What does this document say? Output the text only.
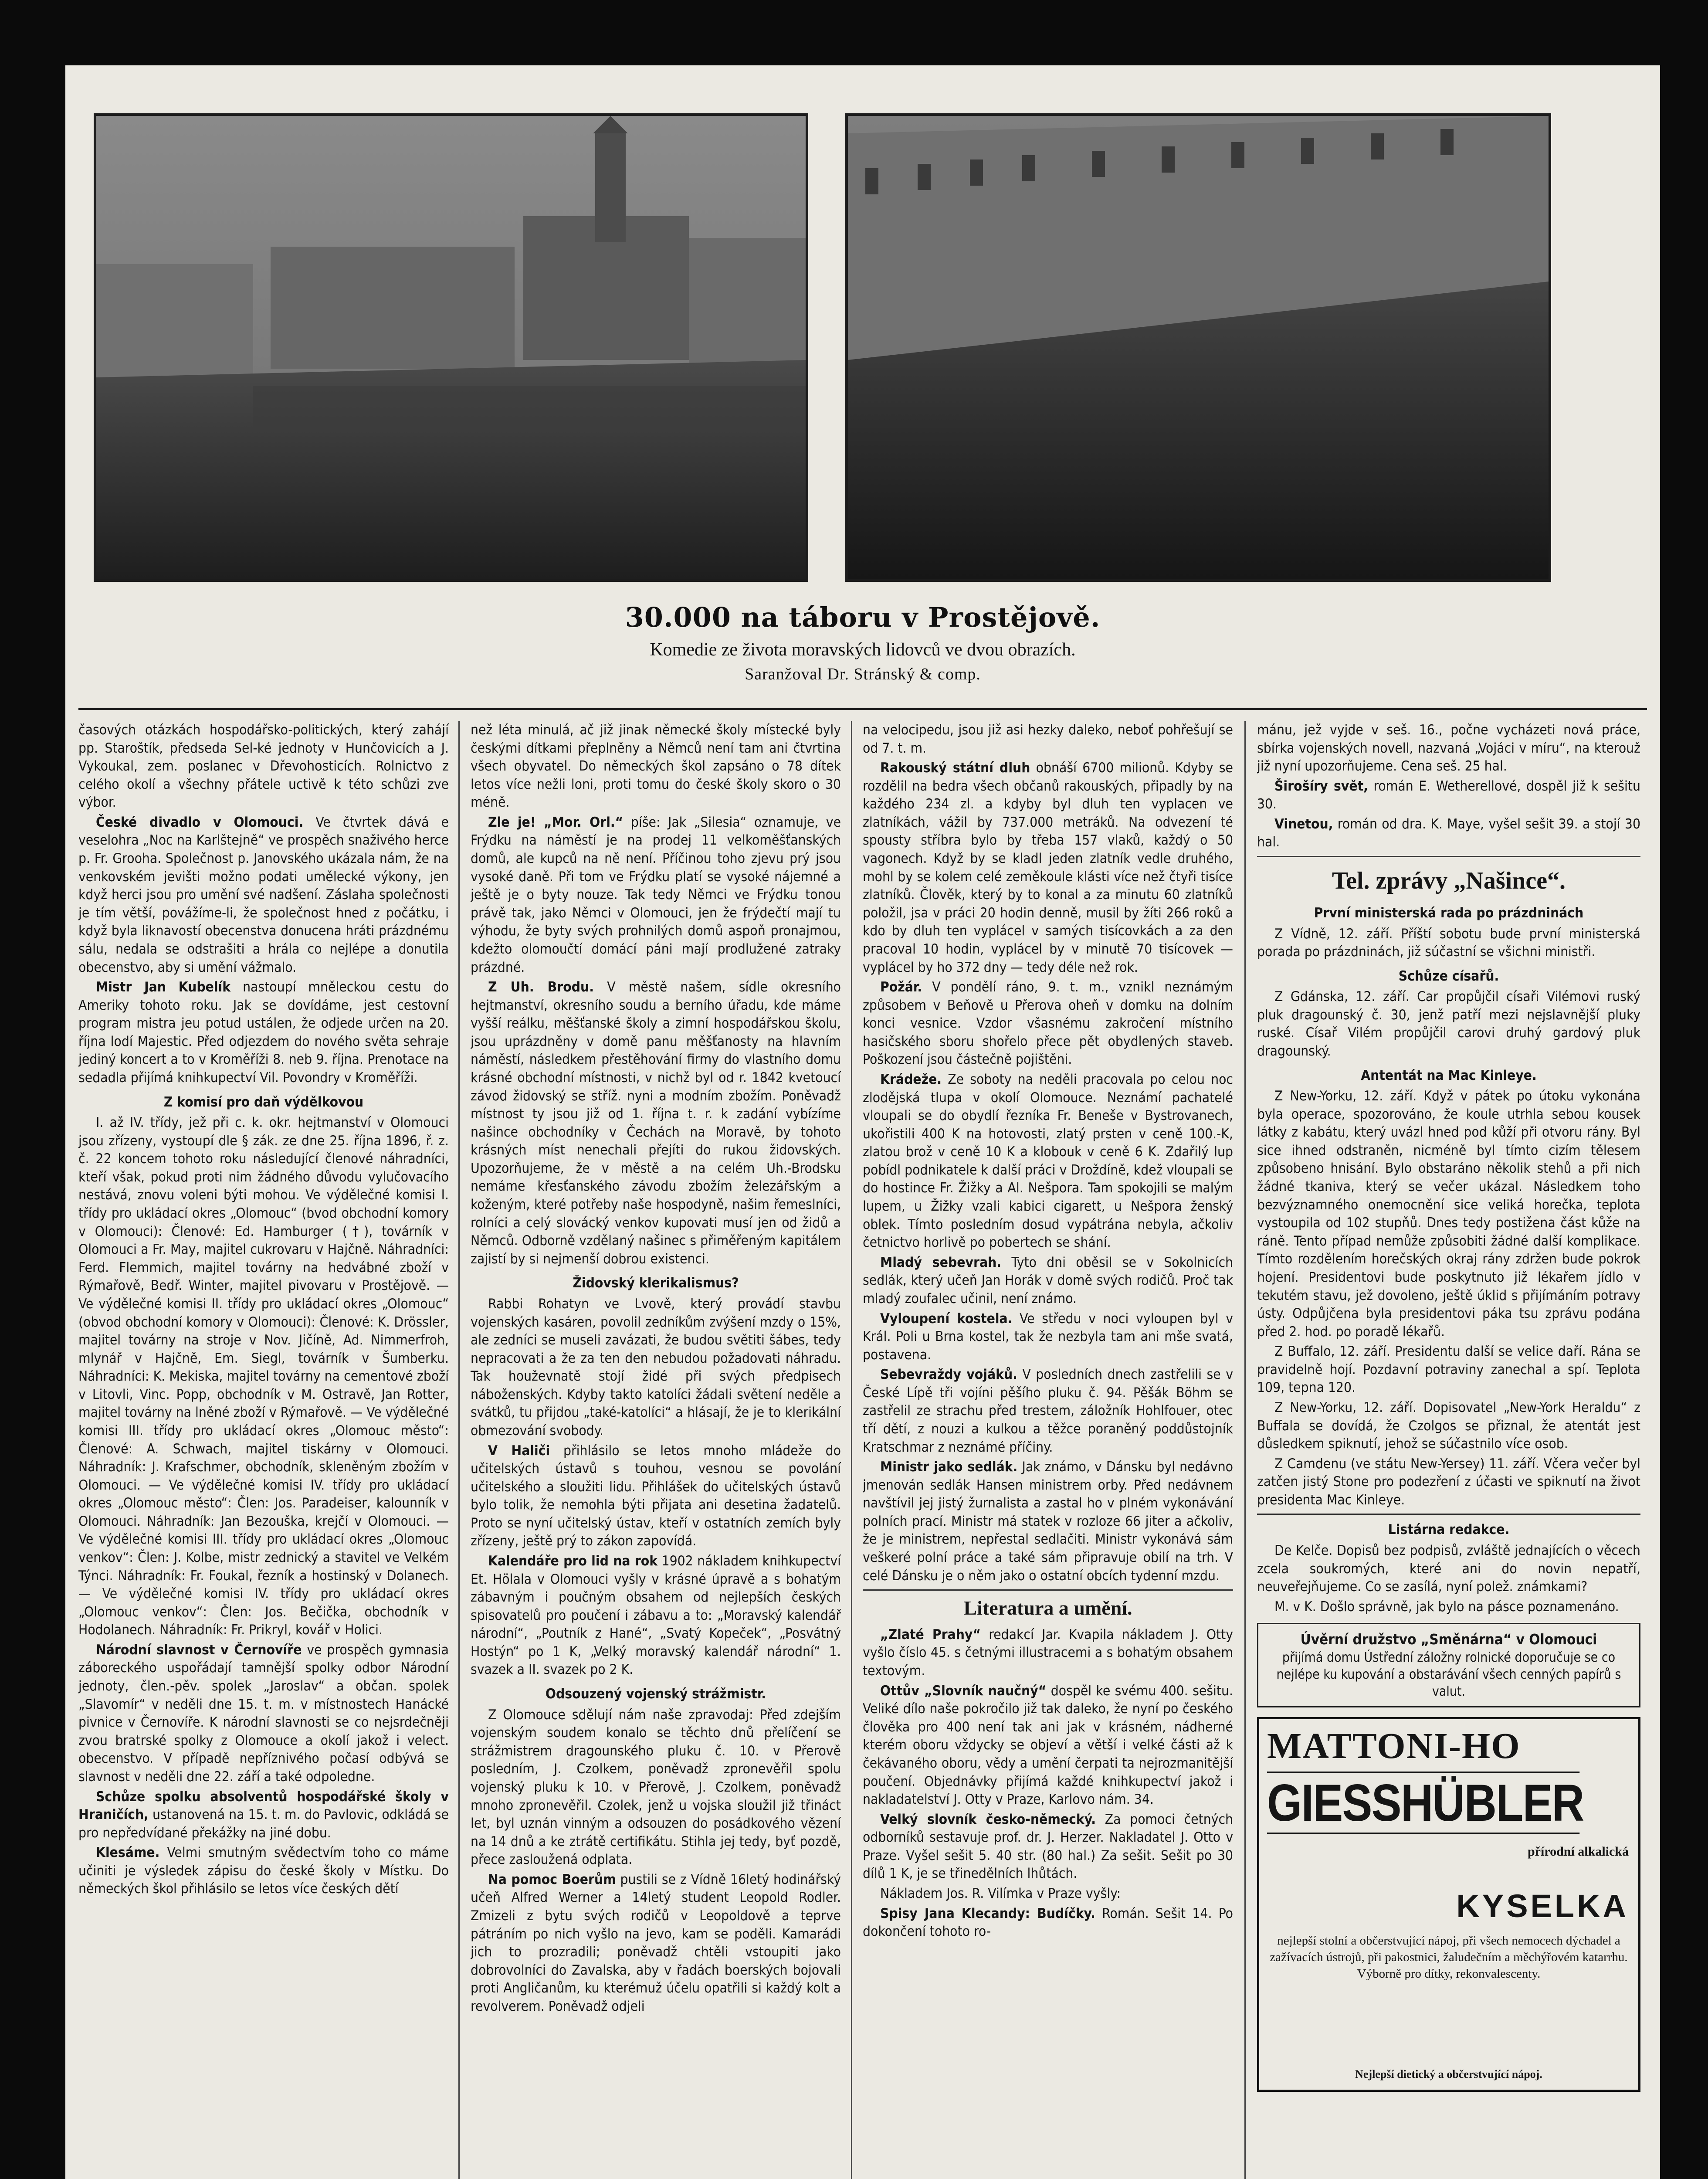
30.000 na táboru v Prostějově.
Komedie ze života moravských lidovců ve dvou obrazích.
Saranžoval Dr. Stránský & comp.

časových otázkách hospodářsko-politických, který zahájí pp. Staroštík, předseda Sel-ké jednoty v Hunčovicích a J. Vykoukal, zem. poslanec v Dřevohosticích. Rolnictvo z celého okolí a všechny přátele uctivě k této schůzi zve výbor.

České divadlo v Olomouci. Ve čtvrtek dává e veselohra „Noc na Karlštejně“ ve prospěch snaživého herce p. Fr. Grooha. Společnost p. Janovského ukázala nám, že na venkovském jevišti možno podati umělecké výkony, jen když herci jsou pro umění své nadšení. Záslaha společnosti je tím větší, povážíme-li, že společnost hned z počátku, i když byla liknavostí obecenstva donucena hráti prázdnému sálu, nedala se odstrašiti a hrála co nejlépe a donutila obecenstvo, aby si umění vážmalo.

Mistr Jan Kubelík nastoupí mněleckou cestu do Ameriky tohoto roku. Jak se dovídáme, jest cestovní program mistra jeu potud ustálen, že odjede určen na 20. října lodí Majestic. Před odjezdem do nového světa sehraje jediný koncert a to v Kroměříži 8. neb 9. října. Prenotace na sedadla přijímá knihkupectví Vil. Povondry v Kroměříži.

Z komisí pro daň výdělkovou

I. až IV. třídy, jež při c. k. okr. hejtmanství v Olomouci jsou zřízeny, vystoupí dle § zák. ze dne 25. října 1896, ř. z. č. 22 koncem tohoto roku následující členové náhradníci, kteří však, pokud proti nim žádného důvodu vylučovacího nestává, znovu voleni býti mohou. Ve výdělečné komisi I. třídy pro ukládací okres „Olomouc“ (bvod obchodní komory v Olomouci): Členové: Ed. Hamburger (†), továrník v Olomouci a Fr. May, majitel cukrovaru v Hajčně. Náhradníci: Ferd. Flemmich, majitel továrny na hedvábné zboží v Rýmařově, Bedř. Winter, majitel pivovaru v Prostějově. — Ve výdělečné komisi II. třídy pro ukládací okres „Olomouc“ (obvod obchodní komory v Olomouci): Členové: K. Drössler, majitel továrny na stroje v Nov. Jičíně, Ad. Nimmerfroh, mlynář v Hajčně, Em. Siegl, továrník v Šumberku. Náhradníci: K. Mekiska, majitel továrny na cementové zboží v Litovli, Vinc. Popp, obchodník v M. Ostravě, Jan Rotter, majitel továrny na lněné zboží v Rýmařově. — Ve výdělečné komisi III. třídy pro ukládací okres „Olomouc město“: Členové: A. Schwach, majitel tiskárny v Olomouci. Náhradník: J. Krafschmer, obchodník, skleněným zbožím v Olomouci. — Ve výdělečné komisi IV. třídy pro ukládací okres „Olomouc město“: Člen: Jos. Paradeiser, kalounník v Olomouci. Náhradník: Jan Bezouška, krejčí v Olomouci. — Ve výdělečné komisi III. třídy pro ukládací okres „Olomouc venkov“: Člen: J. Kolbe, mistr zednický a stavitel ve Velkém Týnci. Náhradník: Fr. Foukal, řezník a hostinský v Dolanech. — Ve výdělečné komisi IV. třídy pro ukládací okres „Olomouc venkov“: Člen: Jos. Bečička, obchodník v Hodolanech. Náhradník: Fr. Prikryl, kovář v Holici.

Národní slavnost v Černovíře ve prospěch gymnasia záboreckého uspořádají tamnější spolky odbor Národní jednoty, člen.-pěv. spolek „Jaroslav“ a občan. spolek „Slavomír“ v neděli dne 15. t. m. v místnostech Hanácké pivnice v Černovíře. K národní slavnosti se co nejsrdečněji zvou bratrské spolky z Olomouce a okolí jakož i velect. obecenstvo. V případě nepříznivého počasí odbývá se slavnost v neděli dne 22. září a také odpoledne.

Schůze spolku absolventů hospodářské školy v Hraničích, ustanovená na 15. t. m. do Pavlovic, odkládá se pro nepředvídané překážky na jiné dobu.

Klesáme. Velmi smutným svědectvím toho co máme učiniti je výsledek zápisu do české školy v Místku. Do německých škol přihlásilo se letos více českých dětí

než léta minulá, ač již jinak německé školy místecké byly českými dítkami přeplněny a Němců není tam ani čtvrtina všech obyvatel. Do německých škol zapsáno o 78 dítek letos více nežli loni, proti tomu do české školy skoro o 30 méně.

Zle je! „Mor. Orl.“ píše: Jak „Silesia“ oznamuje, ve Frýdku na náměstí je na prodej 11 velkoměšťanských domů, ale kupců na ně není. Příčinou toho zjevu prý jsou vysoké daně. Při tom ve Frýdku platí se vysoké nájemné a ještě je o byty nouze. Tak tedy Němci ve Frýdku tonou právě tak, jako Němci v Olomouci, jen že frýdečtí mají tu výhodu, že byty svých prohnilých domů aspoň pronajmou, kdežto olomoučtí domácí páni mají prodlužené zatraky prázdné.

Z Uh. Brodu. V městě našem, sídle okresního hejtmanství, okresního soudu a berního úřadu, kde máme vyšší reálku, měšťanské školy a zimní hospodářskou školu, jsou uprázdněny v domě panu měšťanosty na hlavním náměstí, následkem přestěhování firmy do vlastního domu krásné obchodní místnosti, v nichž byl od r. 1842 kvetoucí závod židovský se stříž. nyni a modním zbožím. Poněvadž místnost ty jsou již od 1. října t. r. k zadání vybízíme našince obchodníky v Čechách na Moravě, by tohoto krásných míst nenechali přejíti do rukou židovských. Upozorňujeme, že v městě a na celém Uh.-Brodsku nemáme křesťanského závodu zbožím železářským a koženým, které potřeby naše hospodyně, našim řemeslníci, rolníci a celý slovácký venkov kupovati musí jen od židů a Němců. Odborně vzdělaný našinec s přiměřeným kapitálem zajistí by si nejmenší dobrou existenci.

Židovský klerikalismus?

Rabbi Rohatyn ve Lvově, který provádí stavbu vojenských kasáren, povolil zedníkům zvýšení mzdy o 15%, ale zedníci se museli zavázati, že budou světiti šábes, tedy nepracovati a že za ten den nebudou požadovati náhradu. Tak houževnatě stojí židé při svých předpisech náboženských. Kdyby takto katolíci žádali světení neděle a svátků, tu přijdou „také-katolíci“ a hlásají, že je to klerikální obmezování svobody.

V Haliči přihlásilo se letos mnoho mládeže do učitelských ústavů s touhou, vesnou se povolání učitelského a sloužiti lidu. Přihlášek do učitelských ústavů bylo tolik, že nemohla býti přijata ani desetina žadatelů. Proto se nyní učitelský ústav, kteří v ostatních zemích byly zřízeny, ještě prý to zákon zapovídá.

Kalendáře pro lid na rok 1902 nákladem knihkupectví Et. Hölala v Olomouci vyšly v krásné úpravě a s bohatým zábavným i poučným obsahem od nejlepších českých spisovatelů pro poučení i zábavu a to: „Moravský kalendář národní“, „Poutník z Hané“, „Svatý Kopeček“, „Posvátný Hostýn“ po 1 K, „Velký moravský kalendář národní“ 1. svazek a II. svazek po 2 K.

Odsouzený vojenský strážmistr.

Z Olomouce sdělují nám naše zpravodaj: Před zdejším vojenským soudem konalo se těchto dnů přelíčení se strážmistrem dragounského pluku č. 10. v Přerově posledním, J. Czolkem, poněvadž zpronevěřil spolu vojenský pluku k 10. v Přerově, J. Czolkem, poněvadž mnoho zpronevěřil. Czolek, jenž u vojska sloužil již třináct let, byl uznán vinným a odsouzen do posádkového vězení na 14 dnů a ke ztrátě certifikátu. Stihla jej tedy, byť pozdě, přece zasloužená odplata.

Na pomoc Boerům pustili se z Vídně 16letý hodinářský učeň Alfred Werner a 14letý student Leopold Rodler. Zmizeli z bytu svých rodičů v Leopoldově a teprve pátráním po nich vyšlo na jevo, kam se poděli. Kamarádi jich to prozradili; poněvadž chtěli vstoupiti jako dobrovolníci do Zavalska, aby v řadách boerských bojovali proti Angličanům, ku kterémuž účelu opatřili si každý kolt a revolverem. Poněvadž odjeli

na velocipedu, jsou již asi hezky daleko, neboť pohřešují se od 7. t. m.

Rakouský státní dluh obnáší 6700 milionů. Kdyby se rozdělil na bedra všech občanů rakouských, připadly by na každého 234 zl. a kdyby byl dluh ten vyplacen ve zlatníkách, vážil by 737.000 metráků. Na odvezení té spousty stříbra bylo by třeba 157 vlaků, každý o 50 vagonech. Když by se kladl jeden zlatník vedle druhého, mohl by se kolem celé zeměkoule klásti více než čtyři tisíce zlatníků. Člověk, který by to konal a za minutu 60 zlatníků položil, jsa v práci 20 hodin denně, musil by žíti 266 roků a kdo by dluh ten vyplácel v samých tisícovkách a za den pracoval 10 hodin, vyplácel by v minutě 70 tisícovek — vyplácel by ho 372 dny — tedy déle než rok.

Požár. V pondělí ráno, 9. t. m., vznikl neznámým způsobem v Beňově u Přerova oheň v domku na dolním konci vesnice. Vzdor všasnému zakročení místního hasičského sboru shořelo přece pět obydlených staveb. Poškození jsou částečně pojištěni.

Krádeže. Ze soboty na neděli pracovala po celou noc zlodějská tlupa v okolí Olomouce. Neznámí pachatelé vloupali se do obydlí řezníka Fr. Beneše v Bystrovanech, ukořistili 400 K na hotovosti, zlatý prsten v ceně 100.-K, zlatou brož v ceně 10 K a klobouk v ceně 6 K. Zdařilý lup pobídl podnikatele k další práci v Droždíně, kdež vloupali se do hostince Fr. Žižky a Al. Nešpora. Tam spokojili se malým lupem, u Žižky vzali kabici cigarett, u Nešpora ženský oblek. Tímto posledním dosud vypátrána nebyla, ačkoliv četnictvo horlivě po pobertech se shání.

Mladý sebevrah. Tyto dni oběsil se v Sokolnicích sedlák, který učeň Jan Horák v domě svých rodičů. Proč tak mladý zoufalec učinil, není známo.

Vyloupení kostela. Ve středu v noci vyloupen byl v Král. Poli u Brna kostel, tak že nezbyla tam ani mše svatá, postavena.

Sebevraždy vojáků. V posledních dnech zastřelili se v České Lípě tři vojíni pěšího pluku č. 94. Pěšák Böhm se zastřelil ze strachu před trestem, záložník Hohlfouer, otec tří dětí, z nouzi a kulkou a těžce poraněný poddůstojník Kratschmar z neznámé příčiny.

Ministr jako sedlák. Jak známo, v Dánsku byl nedávno jmenován sedlák Hansen ministrem orby. Před nedávnem navštívil jej jistý žurnalista a zastal ho v plném vykonávání polních prací. Ministr má statek v rozloze 66 jiter a ačkoliv, že je ministrem, nepřestal sedlačiti. Ministr vykonává sám veškeré polní práce a také sám připravuje obilí na trh. V celé Dánsku je o něm jako o ostatní obcích tydenní mzdu.

Literatura a umění.

„Zlaté Prahy“ redakcí Jar. Kvapila nákladem J. Otty vyšlo číslo 45. s četnými illustracemi a s bohatým obsahem textovým.

Ottův „Slovník naučný“ dospěl ke svému 400. sešitu. Veliké dílo naše pokročilo již tak daleko, že nyní po českého člověka pro 400 není tak ani jak v krásném, nádherné kterém oboru vždycky se objeví a větší i velké části až k čekávaného oboru, vědy a umění čerpati ta nejrozmanitější poučení. Objednávky přijímá každé knihkupectví jakož i nakladatelství J. Otty v Praze, Karlovo nám. 34.

Velký slovník česko-německý. Za pomoci četných odborníků sestavuje prof. dr. J. Herzer. Nakladatel J. Otto v Praze. Vyšel sešit 5. 40 str. (80 hal.) Za sešit. Sešit po 30 dílů 1 K, je se třinedělních lhůtách.

Nákladem Jos. R. Vilímka v Praze vyšly:

Spisy Jana Klecandy: Budíčky. Román. Sešit 14. Po dokončení tohoto ro-

mánu, jež vyjde v seš. 16., počne vycházeti nová práce, sbírka vojenských novell, nazvaná „Vojáci v míru“, na kterouž již nyní upozorňujeme. Cena seš. 25 hal.

Širošíry svět, román E. Wetherellové, dospěl již k sešitu 30.

Vinetou, román od dra. K. Maye, vyšel sešit 39. a stojí 30 hal.

Tel. zprávy „Našince“.

První ministerská rada po prázdninách

Z Vídně, 12. září. Příští sobotu bude první ministerská porada po prázdninách, již súčastní se všichni ministři.

Schůze císařů.

Z Gdánska, 12. září. Car propůjčil císaři Vilémovi ruský pluk dragounský č. 30, jenž patří mezi nejslavnější pluky ruské. Císař Vilém propůjčil carovi druhý gardový pluk dragounský.

Antentát na Mac Kinleye.

Z New-Yorku, 12. září. Když v pátek po útoku vykonána byla operace, spozorováno, že koule utrhla sebou kousek látky z kabátu, který uvázl hned pod kůží při otvoru rány. Byl sice ihned odstraněn, nicméně byl tímto cizím tělesem způsobeno hnisání. Bylo obstaráno několik stehů a při nich žádné tkaniva, který se večer ukázal. Následkem toho bezvýznamného onemocnění sice veliká horečka, teplota vystoupila od 102 stupňů. Dnes tedy postižena část kůže na ráně. Tento případ nemůže způsobiti žádné další komplikace. Tímto rozdělením horečských okraj rány zdržen bude pokrok hojení. Presidentovi bude poskytnuto již lékařem jídlo v tekutém stavu, jež dovoleno, ještě úklid s přijímáním potravy ústy. Odpůjčena byla presidentovi páka tsu zprávu podána před 2. hod. po poradě lékařů.

Z Buffalo, 12. září. Presidentu další se velice daří. Rána se pravidelně hojí. Pozdavní potraviny zanechal a spí. Teplota 109, tepna 120.

Z New-Yorku, 12. září. Dopisovatel „New-York Heraldu“ z Buffala se dovídá, že Czolgos se přiznal, že atentát jest důsledkem spiknutí, jehož se súčastnilo více osob.

Z Camdenu (ve státu New-Yersey) 11. září. Včera večer byl zatčen jistý Stone pro podezření z účasti ve spiknutí na život presidenta Mac Kinleye.

Listárna redakce.

De Kelče. Dopisů bez podpisů, zvláště jednajících o věcech zcela soukromých, které ani do novin nepatří, neuveřejňujeme. Co se zasílá, nyní polež. známkami?

M. v K. Došlo správně, jak bylo na pásce poznamenáno.

Úvěrní družstvo „Směnárna“ v Olomouci
přijímá domu Ústřední záložny rolnické doporučuje se co nejlépe ku kupování a obstarávání všech cenných papírů s valut.
MATTONI-HO
GIESSHÜBLER
přírodní alkalická
KYSELKA
nejlepší stolní a občerstvující nápoj, při všech nemocech dýchadel a zažívacích ústrojů, při pakostnici, žaludečním a měchýřovém katarrhu. Výborně pro dítky, rekonvalescenty.
Nejlepší dietický a občerstvující nápoj.
